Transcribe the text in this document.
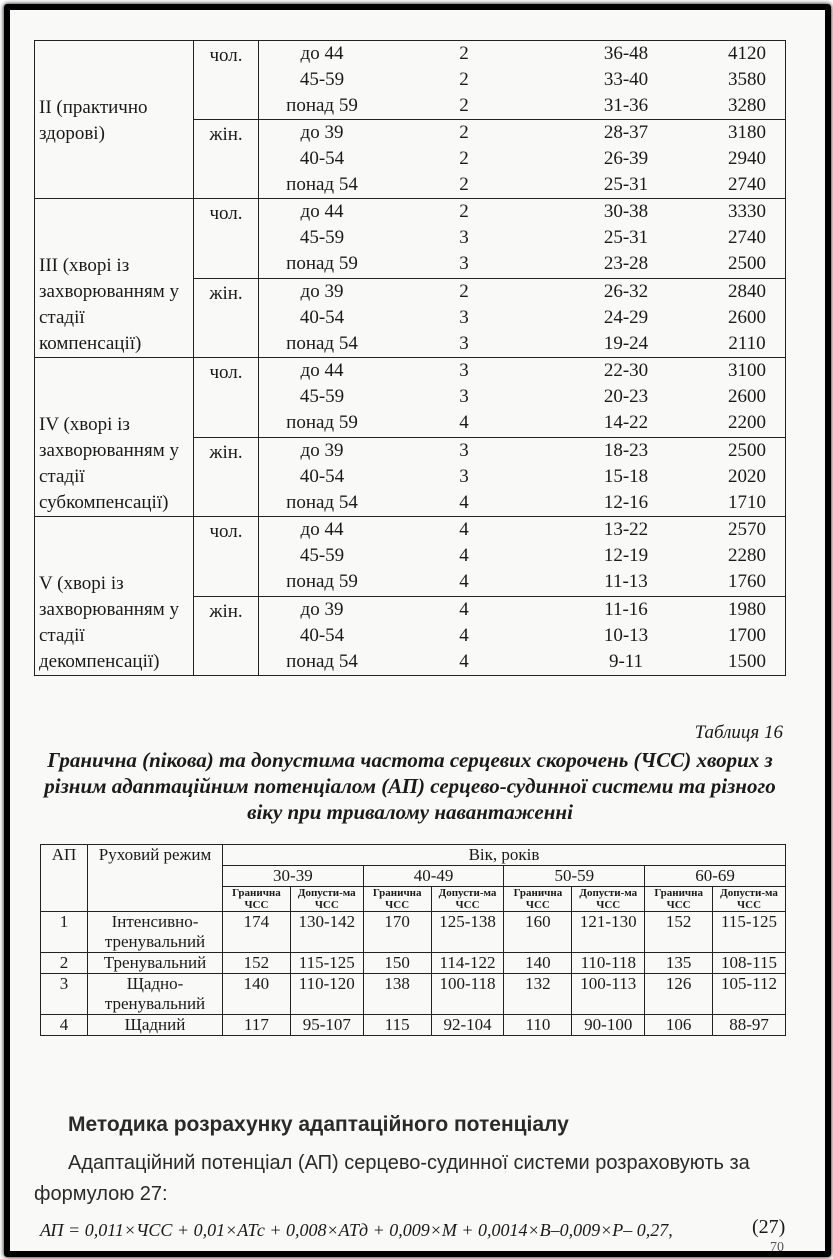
II (практично здорові)	чол.		до 44	2	36-48	4120
45-59	2	33-40	3580
понад 59	2	31-36	3280

жін.		до 39	2	28-37	3180
40-54	2	26-39	2940
понад 54	2	25-31	2740

III (хворі із захворюванням у стадії компенсації)	чол.		до 44	2	30-38	3330
45-59	3	25-31	2740
понад 59	3	23-28	2500

жін.		до 39	2	26-32	2840
40-54	3	24-29	2600
понад 54	3	19-24	2110

IV (хворі із захворюванням у стадії субкомпенсації)	чол.		до 44	3	22-30	3100
45-59	3	20-23	2600
понад 59	4	14-22	2200

жін.		до 39	3	18-23	2500
40-54	3	15-18	2020
понад 54	4	12-16	1710

V (хворі із захворюванням у стадії декомпенсації)	чол.		до 44	4	13-22	2570
45-59	4	12-19	2280
понад 59	4	11-13	1760

жін.		до 39	4	11-16	1980
40-54	4	10-13	1700
понад 54	4	9-11	1500
Таблиця 16
Гранична (пікова) та допустима частота серцевих скорочень (ЧСС) хворих з різним адаптаційним потенціалом (АП) серцево-судинної системи та різного віку при тривалому навантаженні
АП	Руховий режим	Вік, років							
		30-39		40-49		50-59		60-69	
		Гранична ЧСС	Допусти-ма ЧСС	Гранична ЧСС	Допусти-ма ЧСС	Гранична ЧСС	Допусти-ма ЧСС	Гранична ЧСС	Допусти-ма ЧСС
1	Інтенсивно-тренувальний	174	130-142	170	125-138	160	121-130	152	115-125
2	Тренувальний	152	115-125	150	114-122	140	110-118	135	108-115
3	Щадно-тренувальний	140	110-120	138	100-118	132	100-113	126	105-112
4	Щадний	117	95-107	115	92-104	110	90-100	106	88-97
Методика розрахунку адаптаційного потенціалу
Адаптаційний потенціал (АП) серцево-судинної системи розраховують за формулою 27:
АП = 0,011×ЧСС + 0,01×АТс + 0,008×АТд + 0,009×М + 0,0014×В–0,009×Р– 0,27,	(27)
70
